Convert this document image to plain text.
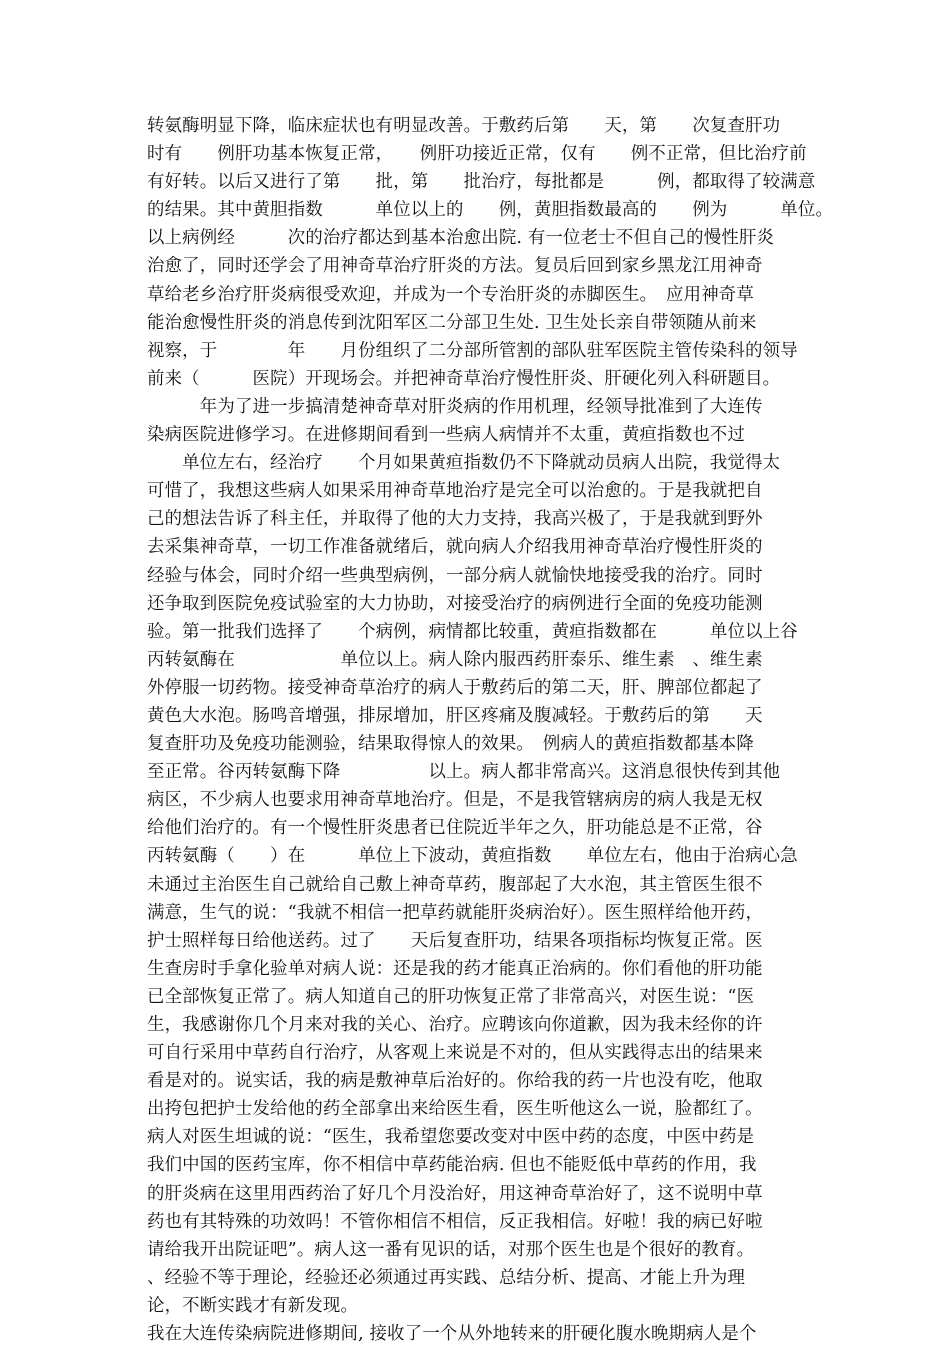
转氨酶明显下降，临床症状也有明显改善。于敷药后第　　天，第　　次复查肝功
时有　　例肝功基本恢复正常，　　例肝功接近正常，仅有　　例不正常，但比治疗前
有好转。以后又进行了第　　批，第　　批治疗，每批都是　　　例，都取得了较满意
的结果。其中黄胆指数　　　单位以上的　　例，黄胆指数最高的　　例为　　　单位。
以上病例经　　　次的治疗都达到基本治愈出院. 有一位老士不但自己的慢性肝炎
治愈了，同时还学会了用神奇草治疗肝炎的方法。复员后回到家乡黑龙江用神奇
草给老乡治疗肝炎病很受欢迎，并成为一个专治肝炎的赤脚医生。　应用神奇草
能治愈慢性肝炎的消息传到沈阳军区二分部卫生处. 卫生处长亲自带领随从前来
视察，于　　　　年　　月份组织了二分部所管割的部队驻军医院主管传染科的领导
前来（　　　医院）开现场会。并把神奇草治疗慢性肝炎、肝硬化列入科研题目。
　　　年为了进一步搞清楚神奇草对肝炎病的作用机理，经领导批准到了大连传
染病医院进修学习。在进修期间看到一些病人病情并不太重，黄疸指数也不过
　　单位左右，经治疗　　个月如果黄疸指数仍不下降就动员病人出院，我觉得太
可惜了，我想这些病人如果采用神奇草地治疗是完全可以治愈的。于是我就把自
己的想法告诉了科主任，并取得了他的大力支持，我高兴极了，于是我就到野外
去采集神奇草，一切工作准备就绪后，就向病人介绍我用神奇草治疗慢性肝炎的
经验与体会，同时介绍一些典型病例，一部分病人就愉快地接受我的治疗。同时
还争取到医院免疫试验室的大力协助，对接受治疗的病例进行全面的免疫功能测
验。第一批我们选择了　　个病例，病情都比较重，黄疸指数都在　　　单位以上谷
丙转氨酶在　　　　　　单位以上。病人除内服西药肝泰乐、维生素　、维生素
外停服一切药物。接受神奇草治疗的病人于敷药后的第二天，肝、脾部位都起了
黄色大水泡。肠鸣音增强，排尿增加，肝区疼痛及腹减轻。于敷药后的第　　天
复查肝功及免疫功能测验，结果取得惊人的效果。　例病人的黄疸指数都基本降
至正常。谷丙转氨酶下降　　　　　以上。病人都非常高兴。这消息很快传到其他
病区，不少病人也要求用神奇草地治疗。但是，不是我管辖病房的病人我是无权
给他们治疗的。有一个慢性肝炎患者已住院近半年之久，肝功能总是不正常，谷
丙转氨酶（　　）在　　　单位上下波动，黄疸指数　　单位左右，他由于治病心急
未通过主治医生自己就给自己敷上神奇草药，腹部起了大水泡，其主管医生很不
满意，生气的说：“我就不相信一把草药就能肝炎病治好）。医生照样给他开药，
护士照样每日给他送药。过了　　天后复查肝功，结果各项指标均恢复正常。医
生查房时手拿化验单对病人说：还是我的药才能真正治病的。你们看他的肝功能
已全部恢复正常了。病人知道自己的肝功恢复正常了非常高兴，对医生说：“医
生，我感谢你几个月来对我的关心、治疗。应聘该向你道歉，因为我未经你的许
可自行采用中草药自行治疗，从客观上来说是不对的，但从实践得志出的结果来
看是对的。说实话，我的病是敷神草后治好的。你给我的药一片也没有吃，他取
出挎包把护士发给他的药全部拿出来给医生看，医生听他这么一说，脸都红了。
病人对医生坦诚的说：“医生，我希望您要改变对中医中药的态度，中医中药是
我们中国的医药宝库，你不相信中草药能治病. 但也不能贬低中草药的作用，我
的肝炎病在这里用西药治了好几个月没治好，用这神奇草治好了，这不说明中草
药也有其特殊的功效吗！不管你相信不相信，反正我相信。好啦！我的病已好啦
请给我开出院证吧”。病人这一番有见识的话，对那个医生也是个很好的教育。
、经验不等于理论，经验还必须通过再实践、总结分析、提高、才能上升为理
论，不断实践才有新发现。
我在大连传染病院进修期间, 接收了一个从外地转来的肝硬化腹水晚期病人是个
